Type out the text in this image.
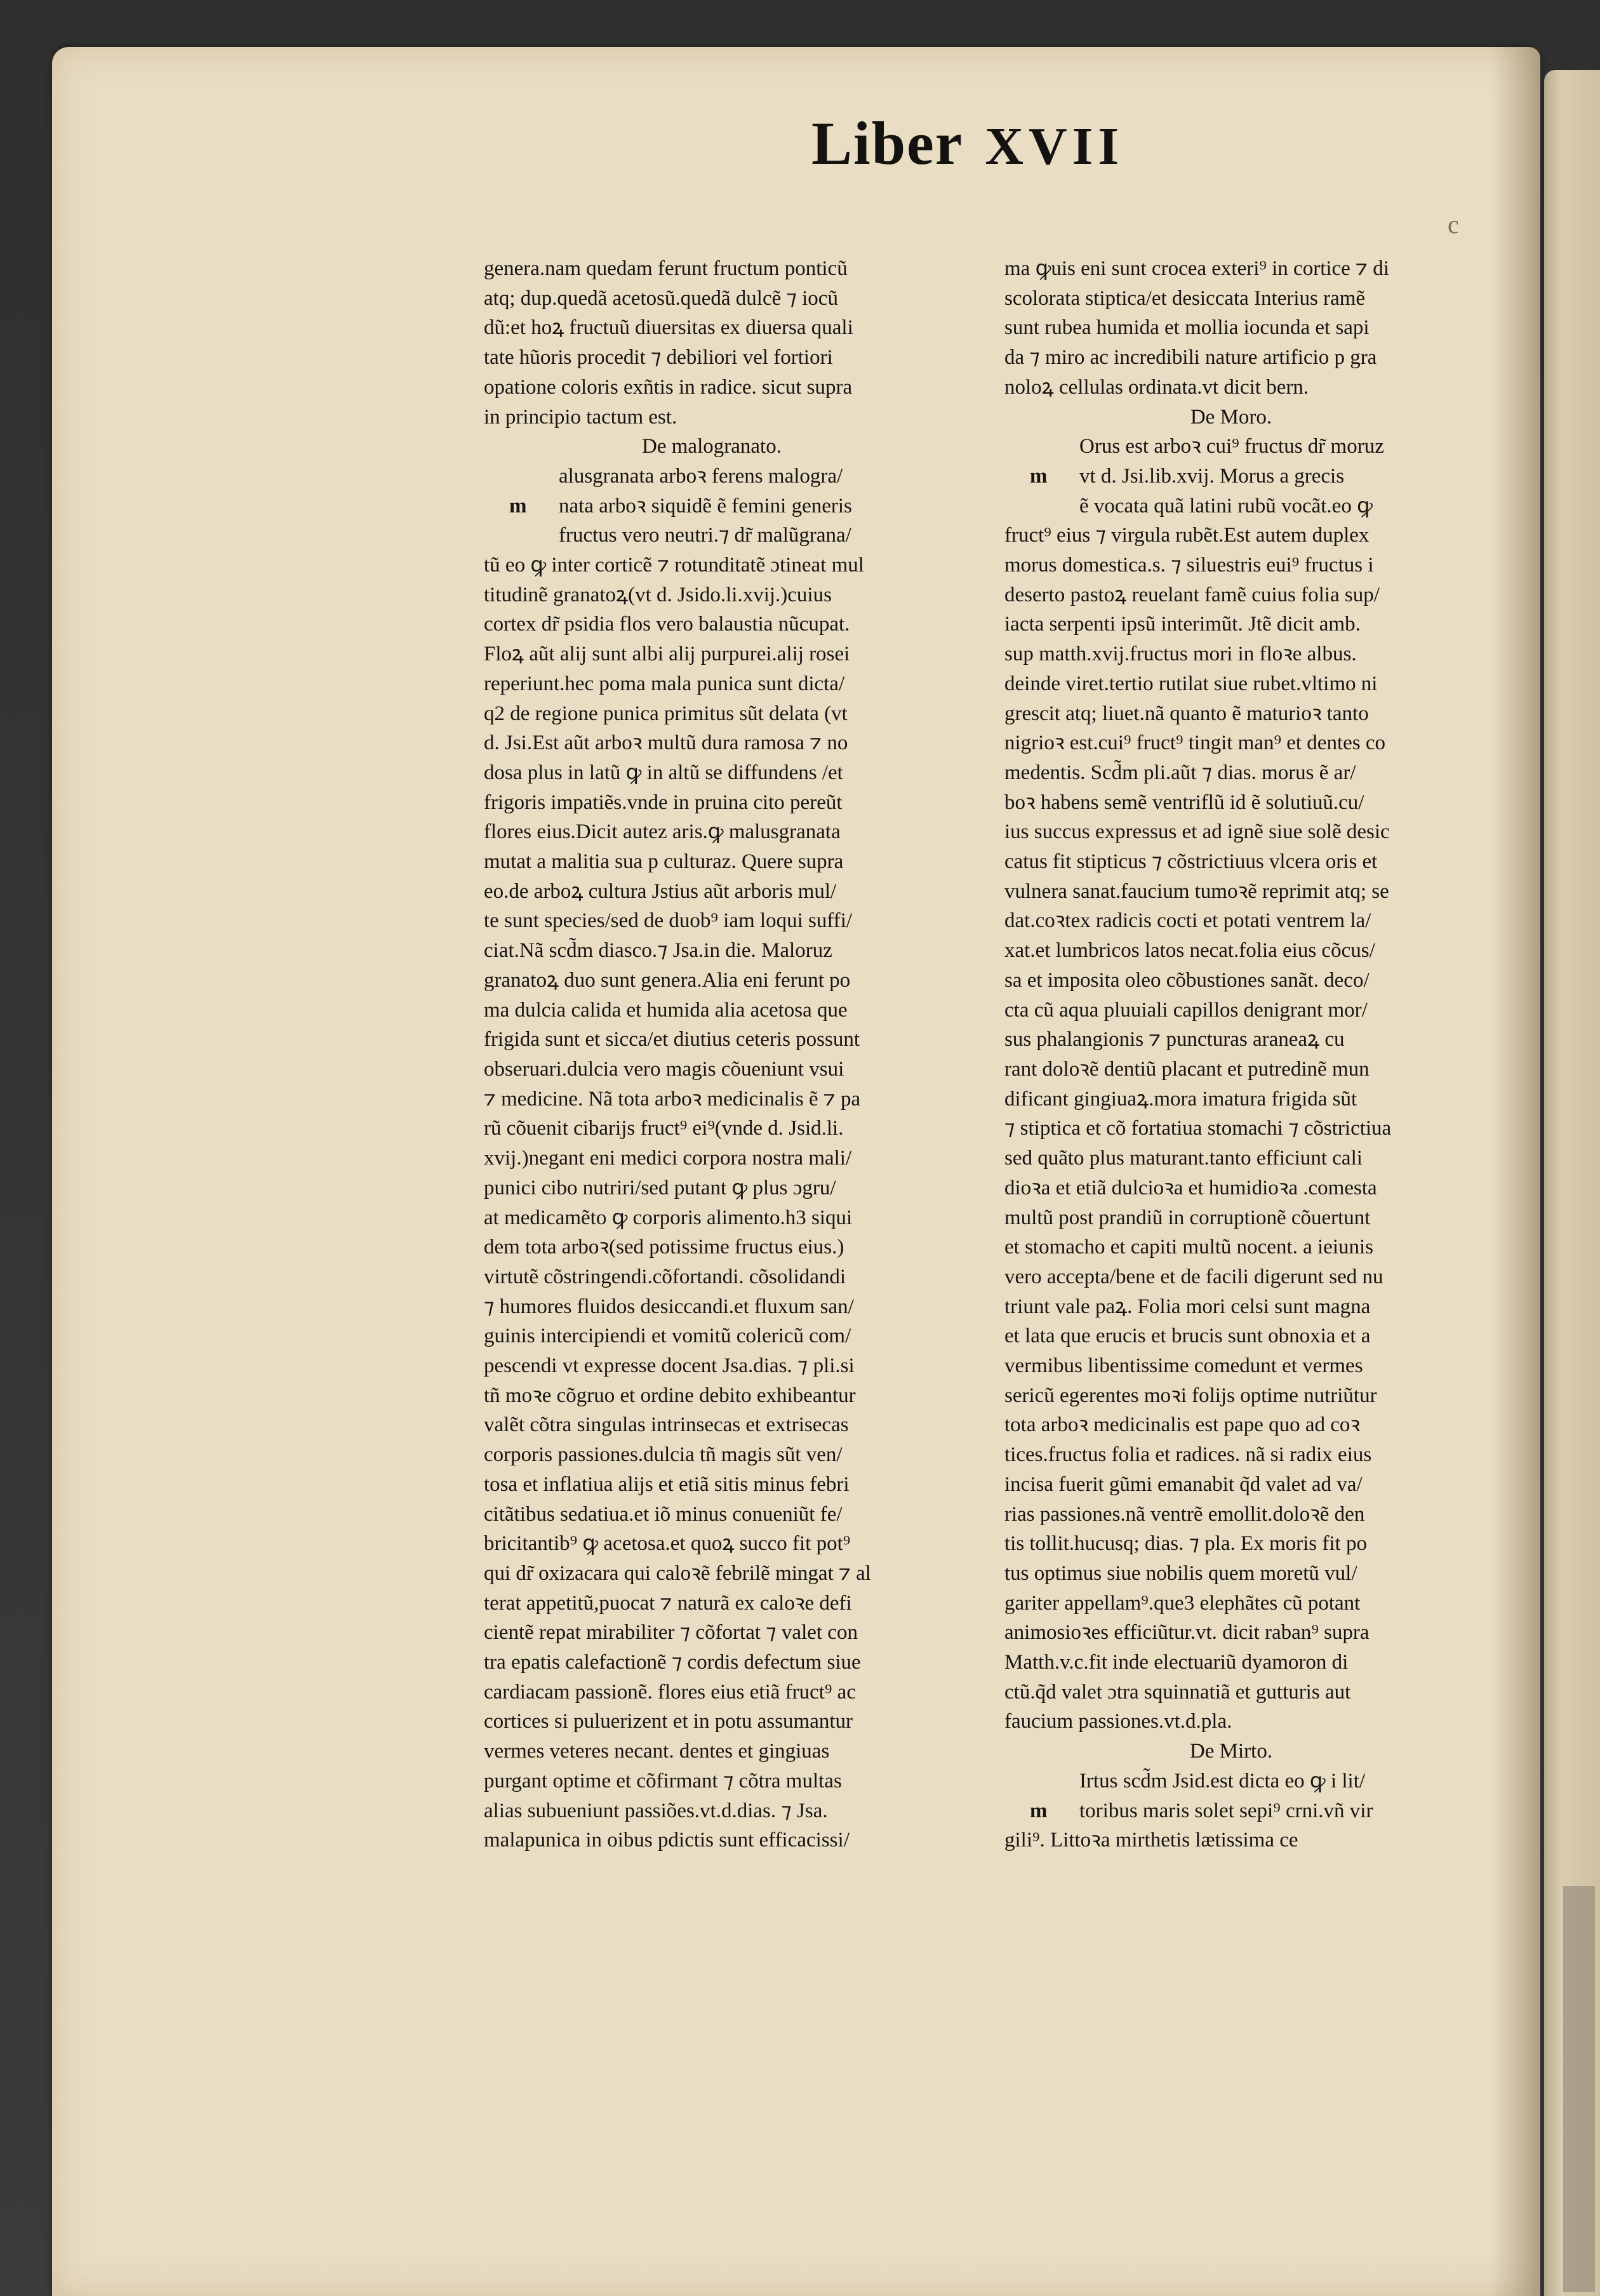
Liber XVII
c
genera.nam quedam ferunt fructum ponticũ
atq; dup.quedã acetosũ.quedã dulcẽ ⁊ iocũ
dũ:et hoꝝ fructuũ diuersitas ex diuersa quali
tate hũoris procedit ⁊ debiliori vel fortiori
opatione coloris exñtis in radice. sicut supra
in principio tactum est.
De malogranato.
alusgranata arboꝛ ferens malogra/
m nata arboꝛ siquidẽ ẽ femini generis
fructus vero neutri.⁊ dr̃ malũgrana/
tũ eo ꝙ inter corticẽ ⁊ rotunditatẽ ɔtineat mul
titudinẽ granatoꝝ(vt d. Jsido.li.xvij.)cuius
cortex dr̃ psidia flos vero balaustia nũcupat.
Floꝝ aũt alij sunt albi alij purpurei.alij rosei
reperiunt.hec poma mala punica sunt dicta/
q2 de regione punica primitus sũt delata (vt
d. Jsi.Est aũt arboꝛ multũ dura ramosa ⁊ no
dosa plus in latũ ꝙ in altũ se diffundens /et
frigoris impatiẽs.vnde in pruina cito pereũt
flores eius.Dicit autez aris.ꝙ malusgranata
mutat a malitia sua p culturaz. Quere supra
eo.de arboꝝ cultura Jstius aũt arboris mul/
te sunt species/sed de duob⁹ iam loqui suffi/
ciat.Nã scd̃m diasco.⁊ Jsa.in die. Maloruz
granatoꝝ duo sunt genera.Alia eni ferunt po
ma dulcia calida et humida alia acetosa que
frigida sunt et sicca/et diutius ceteris possunt
obseruari.dulcia vero magis cõueniunt vsui
⁊ medicine. Nã tota arboꝛ medicinalis ẽ ⁊ pa
rũ cõuenit cibarijs fruct⁹ ei⁹(vnde d. Jsid.li.
xvij.)negant eni medici corpora nostra mali/
punici cibo nutriri/sed putant ꝙ plus ɔgru/
at medicamẽto ꝙ corporis alimento.h3 siqui
dem tota arboꝛ(sed potissime fructus eius.)
virtutẽ cõstringendi.cõfortandi. cõsolidandi
⁊ humores fluidos desiccandi.et fluxum san/
guinis intercipiendi et vomitũ colericũ com/
pescendi vt expresse docent Jsa.dias. ⁊ pli.si
tñ moꝛe cõgruo et ordine debito exhibeantur
valẽt cõtra singulas intrinsecas et extrisecas
corporis passiones.dulcia tñ magis sũt ven/
tosa et inflatiua alijs et etiã sitis minus febri
citãtibus sedatiua.et iõ minus conueniũt fe/
bricitantib⁹ ꝙ acetosa.et quoꝝ succo fit pot⁹
qui dr̃ oxizacara qui caloꝛẽ febrilẽ mingat ⁊ al
terat appetitũ,puocat ⁊ naturã ex caloꝛe defi
cientẽ repat mirabiliter ⁊ cõfortat ⁊ valet con
tra epatis calefactionẽ ⁊ cordis defectum siue
cardiacam passionẽ. flores eius etiã fruct⁹ ac
cortices si puluerizent et in potu assumantur
vermes veteres necant. dentes et gingiuas
purgant optime et cõfirmant ⁊ cõtra multas
alias subueniunt passiões.vt.d.dias. ⁊ Jsa.
malapunica in oibus pdictis sunt efficacissi/
ma ꝙuis eni sunt crocea exteri⁹ in cortice ⁊ di
scolorata stiptica/et desiccata Interius ramẽ
sunt rubea humida et mollia iocunda et sapi
da ⁊ miro ac incredibili nature artificio p gra
noloꝝ cellulas ordinata.vt dicit bern.
De Moro.
Orus est arboꝛ cui⁹ fructus dr̃ moruz
m vt d. Jsi.lib.xvij. Morus a grecis
ẽ vocata quã latini rubũ vocãt.eo ꝙ
fruct⁹ eius ⁊ virgula rubẽt.Est autem duplex
morus domestica.s. ⁊ siluestris eui⁹ fructus i
deserto pastoꝝ reuelant famẽ cuius folia sup/
iacta serpenti ipsũ interimũt. Jtẽ dicit amb.
sup matth.xvij.fructus mori in floꝛe albus.
deinde viret.tertio rutilat siue rubet.vltimo ni
grescit atq; liuet.nã quanto ẽ maturioꝛ tanto
nigrioꝛ est.cui⁹ fruct⁹ tingit man⁹ et dentes co
medentis. Scd̃m pli.aũt ⁊ dias. morus ẽ ar/
boꝛ habens semẽ ventriflũ id ẽ solutiuũ.cu/
ius succus expressus et ad ignẽ siue solẽ desic
catus fit stipticus ⁊ cõstrictiuus vlcera oris et
vulnera sanat.faucium tumoꝛẽ reprimit atq; se
dat.coꝛtex radicis cocti et potati ventrem la/
xat.et lumbricos latos necat.folia eius cõcus/
sa et imposita oleo cõbustiones sanãt. deco/
cta cũ aqua pluuiali capillos denigrant mor/
sus phalangionis ⁊ puncturas araneaꝝ cu
rant doloꝛẽ dentiũ placant et putredinẽ mun
dificant gingiuaꝝ.mora imatura frigida sũt
⁊ stiptica et cõ fortatiua stomachi ⁊ cõstrictiua
sed quãto plus maturant.tanto efficiunt cali
dioꝛa et etiã dulcioꝛa et humidioꝛa .comesta
multũ post prandiũ in corruptionẽ cõuertunt
et stomacho et capiti multũ nocent. a ieiunis
vero accepta/bene et de facili digerunt sed nu
triunt vale paꝝ. Folia mori celsi sunt magna
et lata que erucis et brucis sunt obnoxia et a
vermibus libentissime comedunt et vermes
sericũ egerentes moꝛi folijs optime nutriũtur
tota arboꝛ medicinalis est pape quo ad coꝛ
tices.fructus folia et radices. nã si radix eius
incisa fuerit gũmi emanabit q̃d valet ad va/
rias passiones.nã ventrẽ emollit.doloꝛẽ den
tis tollit.hucusq; dias. ⁊ pla. Ex moris fit po
tus optimus siue nobilis quem moretũ vul/
gariter appellam⁹.que3 elephãtes cũ potant
animosioꝛes efficiũtur.vt. dicit raban⁹ supra
Matth.v.c.fit inde electuariũ dyamoron di
ctũ.q̃d valet ɔtra squinnatiã et gutturis aut
faucium passiones.vt.d.pla.
De Mirto.
Irtus scd̃m Jsid.est dicta eo ꝙ i lit/
m toribus maris solet sepi⁹ crni.vñ vir
gili⁹. Littoꝛa mirthetis lætissima ce
